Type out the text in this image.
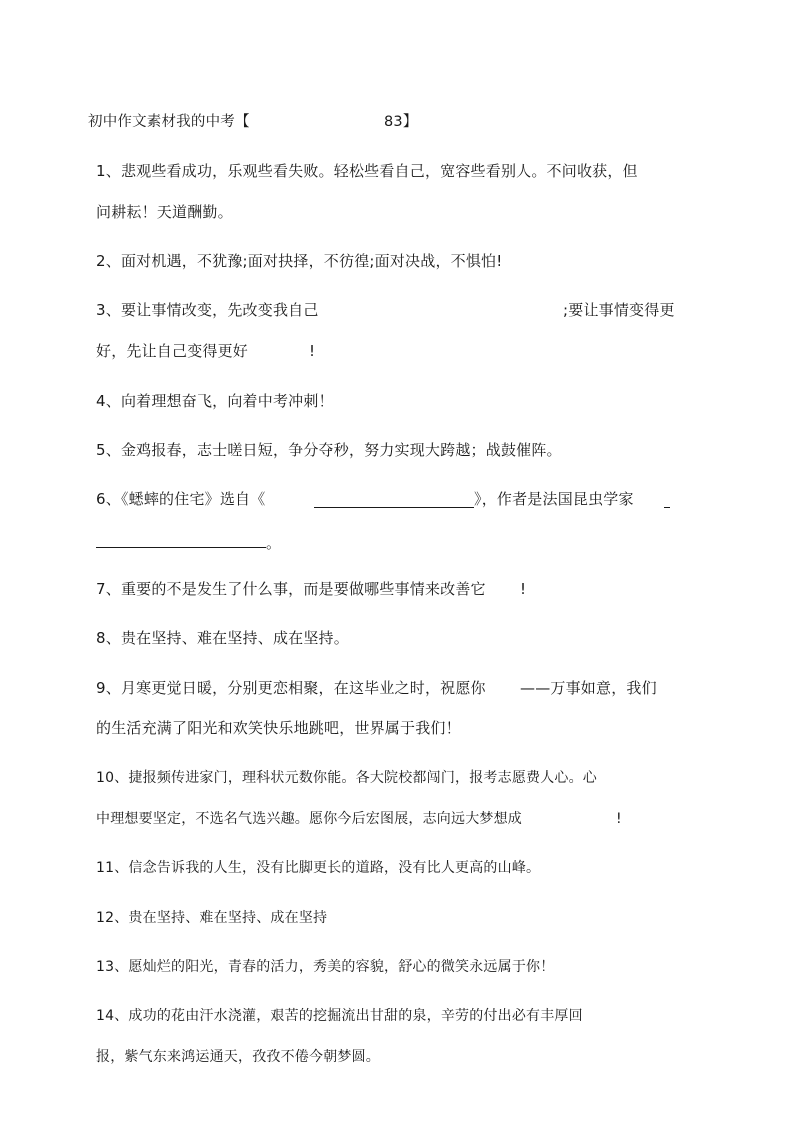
初中作文素材我的中考【	83】
1、悲观些看成功，乐观些看失败。轻松些看自己，宽容些看别人。不问收获，但
问耕耘！天道酬勤。
2、面对机遇，不犹豫;面对抉择，不彷徨;面对决战，不惧怕!
3、要让事情改变，先改变我自己	;要让事情变得更
好，先让自己变得更好	!
4、向着理想奋飞，向着中考冲刺！
5、金鸡报春，志士嗟日短，争分夺秒，努力实现大跨越；战鼓催阵。
6、《蟋蟀的住宅》选自《	》，作者是法国昆虫学家
。
7、重要的不是发生了什么事，而是要做哪些事情来改善它 !
8、贵在坚持、难在坚持、成在坚持。
9、月寒更觉日暖，分别更恋相聚，在这毕业之时，祝愿你 ——万事如意，我们
的生活充满了阳光和欢笑快乐地跳吧，世界属于我们！
10、捷报频传进家门，理科状元数你能。各大院校都闯门，报考志愿费人心。心
中理想要坚定，不选名气选兴趣。愿你今后宏图展，志向远大梦想成	!
11、信念告诉我的人生，没有比脚更长的道路，没有比人更高的山峰。
12、贵在坚持、难在坚持、成在坚持
13、愿灿烂的阳光，青春的活力，秀美的容貌，舒心的微笑永远属于你！
14、成功的花由汗水浇灌，艰苦的挖掘流出甘甜的泉，辛劳的付出必有丰厚回
报，紫气东来鸿运通天，孜孜不倦今朝梦圆。
